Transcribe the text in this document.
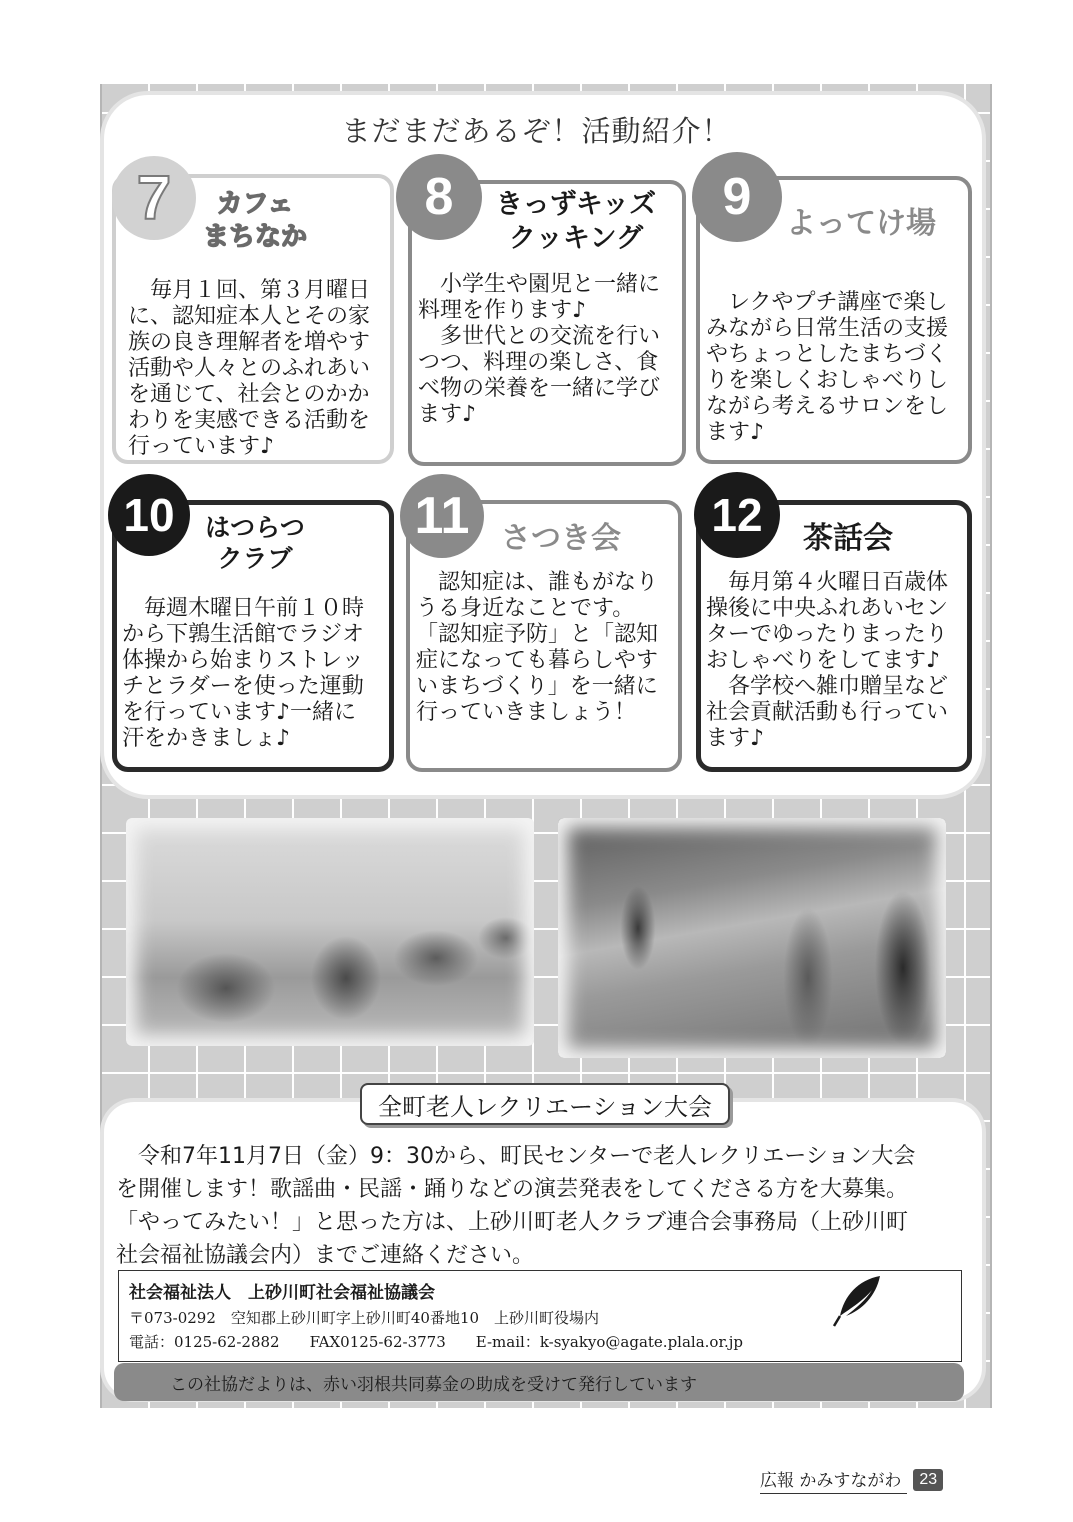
まだまだあるぞ！活動紹介！
7	カフェ
まちなか
　毎月１回、第３月曜日
に、認知症本人とその家
族の良き理解者を増やす
活動や人々とのふれあい
を通じて、社会とのかか
わりを実感できる活動を
行っています♪
8	きっずキッズ
クッキング
　小学生や園児と一緒に
料理を作ります♪
　多世代との交流を行い
つつ、料理の楽しさ、食
べ物の栄養を一緒に学び
ます♪
9	よってけ場
　レクやプチ講座で楽し
みながら日常生活の支援
やちょっとしたまちづく
りを楽しくおしゃべりし
ながら考えるサロンをし
ます♪
10	はつらつ
クラブ
　毎週木曜日午前１０時
から下鶉生活館でラジオ
体操から始まりストレッ
チとラダーを使った運動
を行っています♪一緒に
汗をかきましょ♪
11	さつき会
　認知症は、誰もがなり
うる身近なことです。
「認知症予防」と「認知
症になっても暮らしやす
いまちづくり」を一緒に
行っていきましょう！
12	茶話会
　毎月第４火曜日百歳体
操後に中央ふれあいセン
ターでゆったりまったり
おしゃべりをしてます♪
　各学校へ雑巾贈呈など
社会貢献活動も行ってい
ます♪
全町老人レクリエーション大会
　令和7年11月7日（金）9：30から、町民センターで老人レクリエーション大会
を開催します！歌謡曲・民謡・踊りなどの演芸発表をしてくださる方を大募集。
「やってみたい！」と思った方は、上砂川町老人クラブ連合会事務局（上砂川町
社会福祉協議会内）までご連絡ください。
社会福祉法人　上砂川町社会福祉協議会
〒073-0292　空知郡上砂川町字上砂川町40番地10　上砂川町役場内
電話：0125-62-2882　　FAX0125-62-3773　　E-mail：k-syakyo@agate.plala.or.jp
この社協だよりは、赤い羽根共同募金の助成を受けて発行しています
広報 かみすながわ	23
